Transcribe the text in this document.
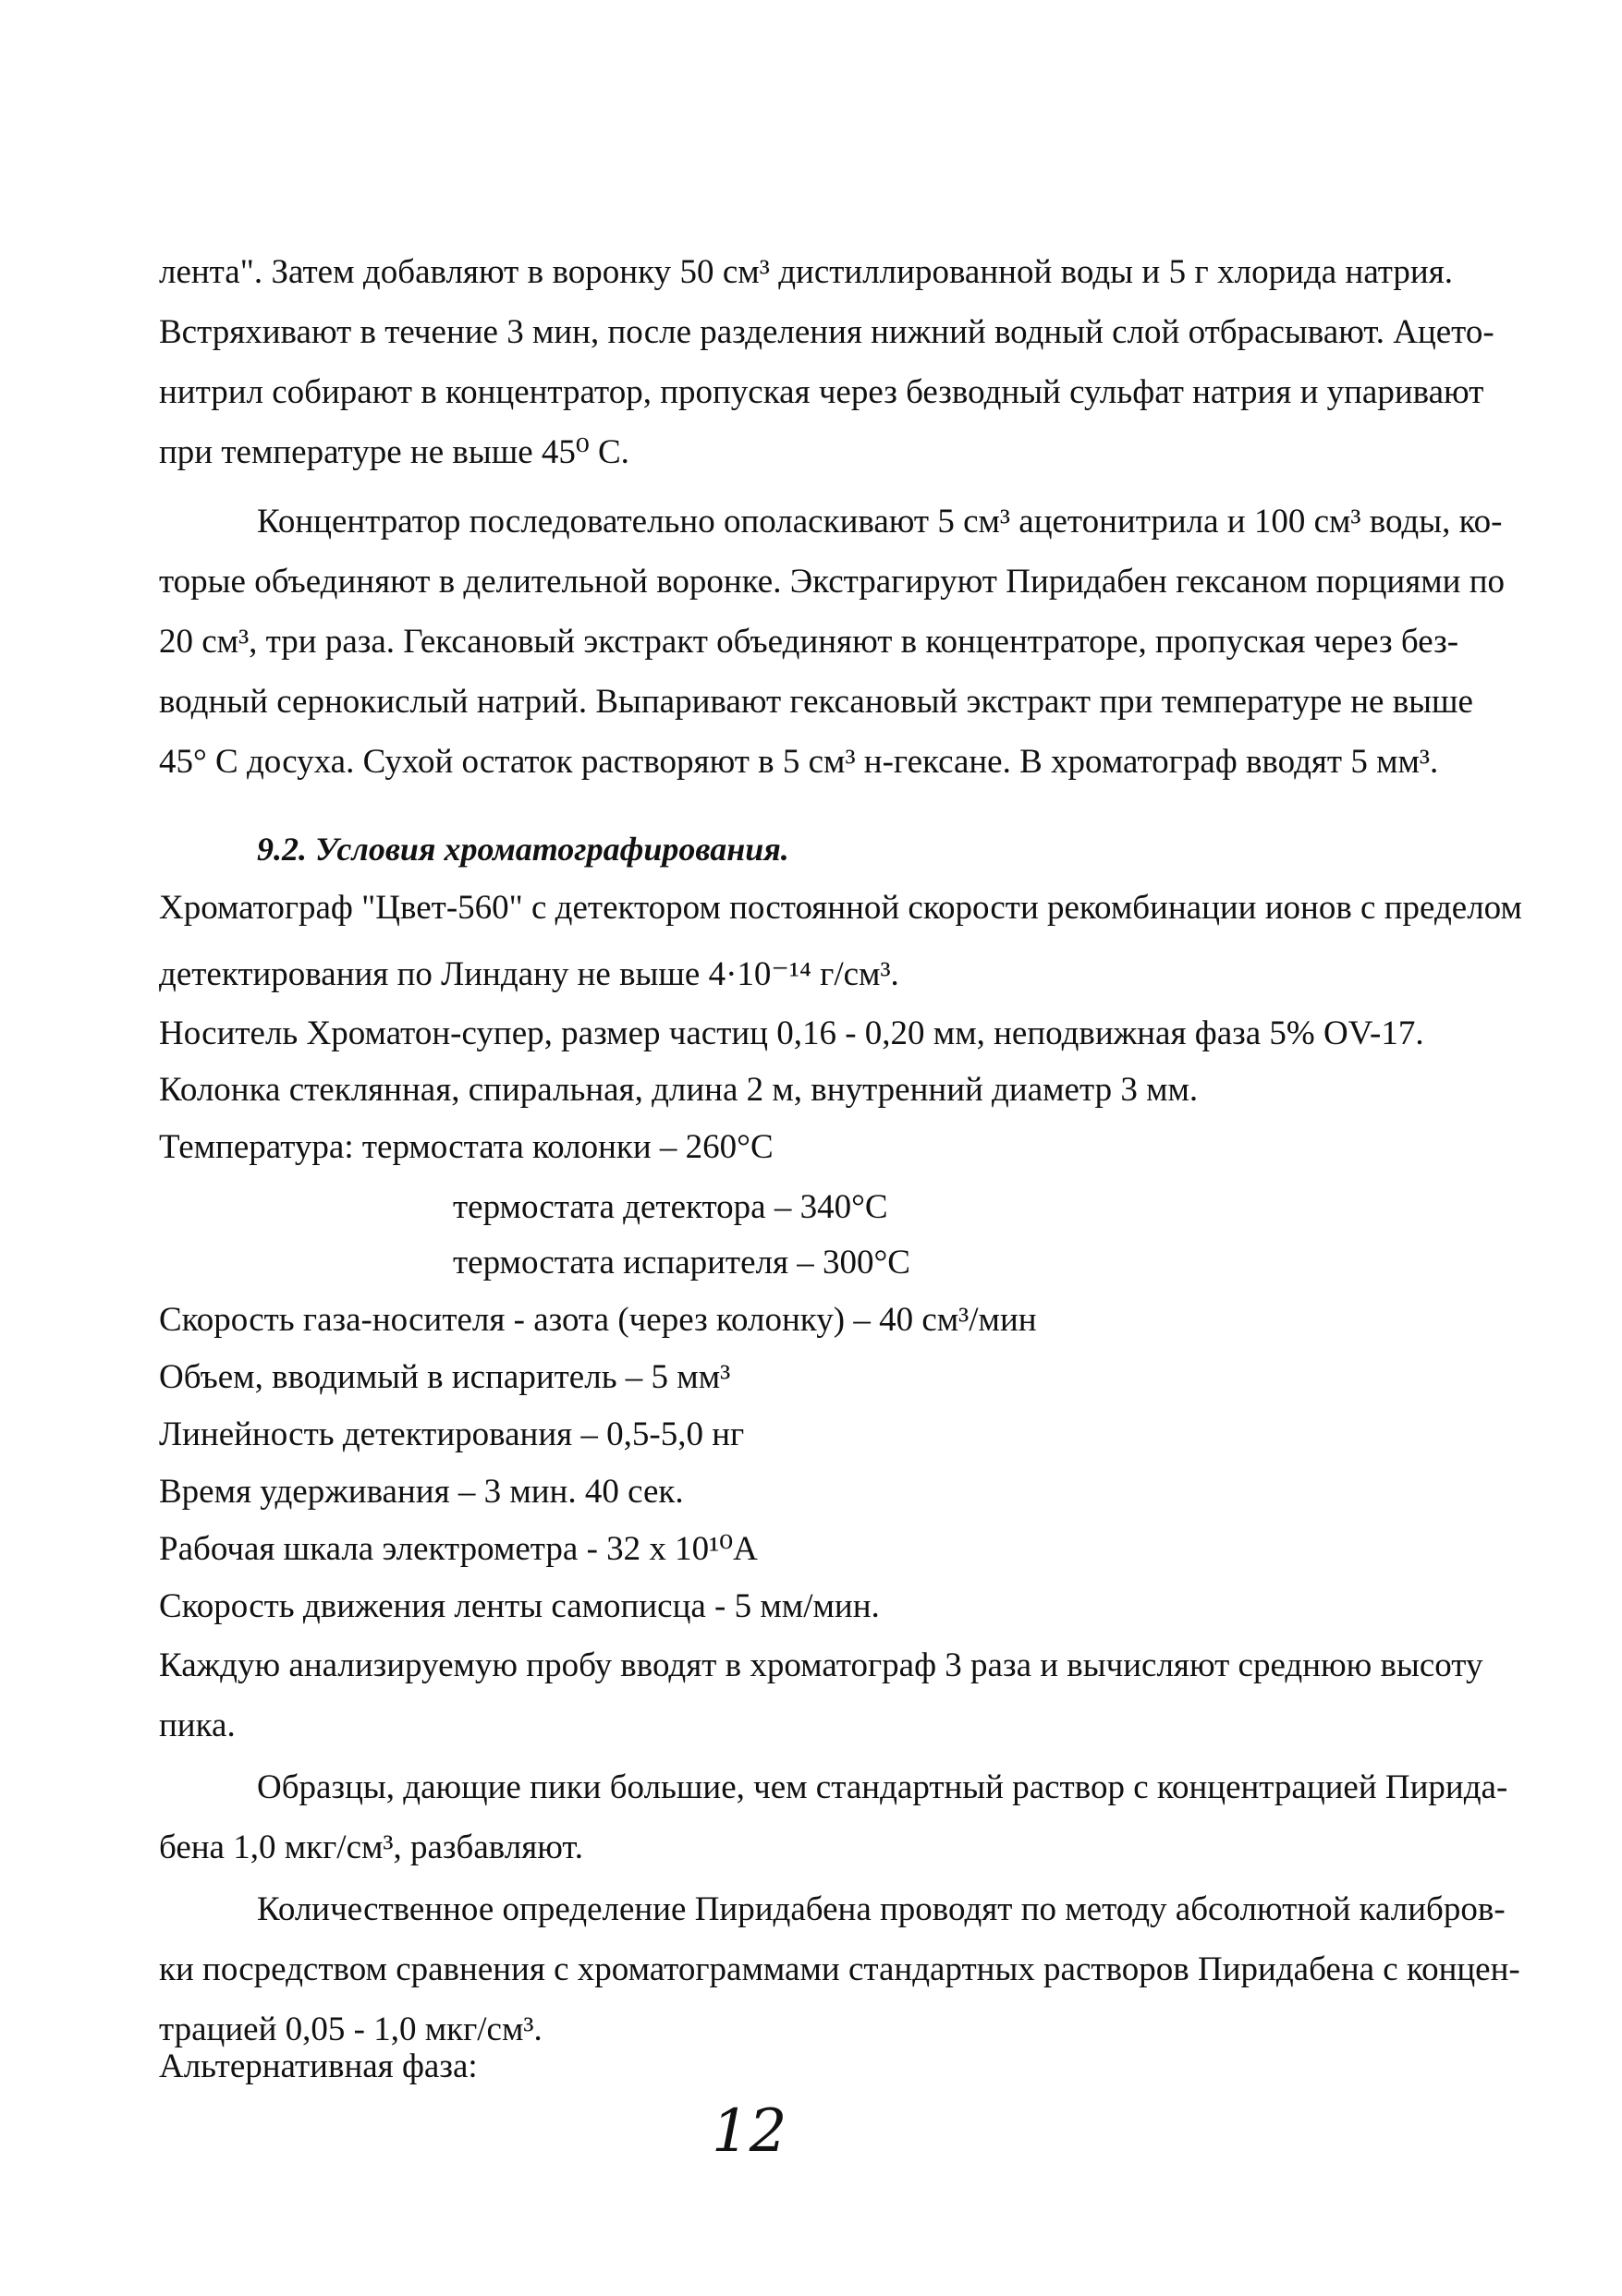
лента". Затем добавляют в воронку 50 см³ дистиллированной воды и 5 г хлорида натрия.
Встряхивают в течение 3 мин, после разделения нижний водный слой отбрасывают. Ацето-
нитрил собирают в концентратор, пропуская через безводный сульфат натрия и упаривают
при температуре не выше 45⁰ С.
Концентратор последовательно ополаскивают 5 см³ ацетонитрила и 100 см³ воды, ко-
торые объединяют в делительной воронке. Экстрагируют Пиридабен гексаном порциями по
20 см³, три раза. Гексановый экстракт объединяют в концентраторе, пропуская через без-
водный сернокислый натрий. Выпаривают гексановый экстракт при температуре не выше
45° С досуха. Сухой остаток растворяют в 5 см³ н-гексане. В хроматограф вводят 5 мм³.
9.2. Условия хроматографирования.
Хроматограф "Цвет-560" с детектором постоянной скорости рекомбинации ионов с пределом
детектирования по Линдану не выше 4·10⁻¹⁴ г/см³.
Носитель Хроматон-супер, размер частиц 0,16 - 0,20 мм, неподвижная фаза 5% OV-17.
Колонка стеклянная, спиральная, длина 2 м, внутренний диаметр 3 мм.
Температура: термостата колонки – 260°С
термостата детектора – 340°С
термостата испарителя – 300°С
Скорость газа-носителя - азота (через колонку) – 40 см³/мин
Объем, вводимый в испаритель – 5 мм³
Линейность детектирования – 0,5-5,0 нг
Время удерживания – 3 мин. 40 сек.
Рабочая шкала электрометра - 32 х 10¹⁰А
Скорость движения ленты самописца - 5 мм/мин.
Каждую анализируемую пробу вводят в хроматограф 3 раза и вычисляют среднюю высоту
пика.
Образцы, дающие пики большие, чем стандартный раствор с концентрацией Пирида-
бена 1,0 мкг/см³, разбавляют.
Количественное определение Пиридабена проводят по методу абсолютной калибров-
ки посредством сравнения с хроматограммами стандартных растворов Пиридабена с концен-
трацией 0,05 - 1,0 мкг/см³.
Альтернативная фаза:
12
